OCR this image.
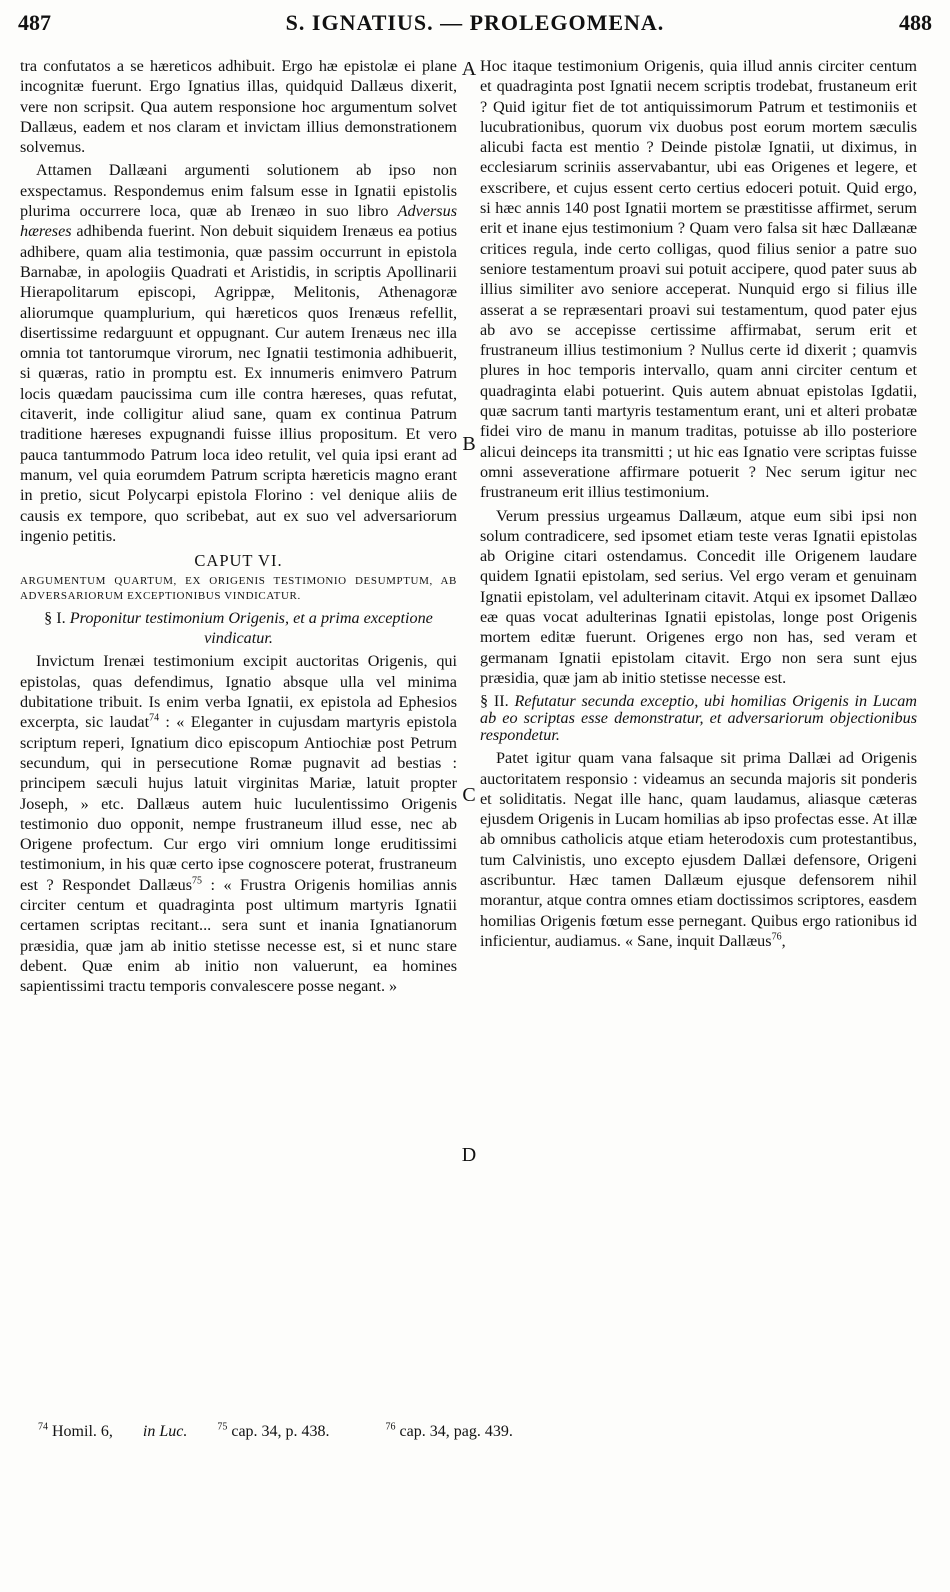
487	S. IGNATIUS. — PROLEGOMENA.	488
A
B
C
D

tra confutatos a se hæreticos adhibuit. Ergo hæ epistolæ ei plane incognitæ fuerunt. Ergo Ignatius illas, quidquid Dallæus dixerit, vere non scripsit. Qua autem responsione hoc argumentum solvet Dallæus, eadem et nos claram et invictam illius demonstrationem solvemus.

Attamen Dallæani argumenti solutionem ab ipso non exspectamus. Respondemus enim falsum esse in Ignatii epistolis plurima occurrere loca, quæ ab Irenæo in suo libro Adversus hæreses adhibenda fuerint. Non debuit siquidem Irenæus ea potius adhibere, quam alia testimonia, quæ passim occurrunt in epistola Barnabæ, in apologiis Quadrati et Aristidis, in scriptis Apollinarii Hierapolitarum episcopi, Agrippæ, Melitonis, Athenagoræ aliorumque quamplurium, qui hæreticos quos Irenæus refellit, disertissime redarguunt et oppugnant. Cur autem Irenæus nec illa omnia tot tantorumque virorum, nec Ignatii testimonia adhibuerit, si quæras, ratio in promptu est. Ex innumeris enimvero Patrum locis quædam paucissima cum ille contra hæreses, quas refutat, citaverit, inde colligitur aliud sane, quam ex continua Patrum traditione hæreses expugnandi fuisse illius propositum. Et vero pauca tantummodo Patrum loca ideo retulit, vel quia ipsi erant ad manum, vel quia eorumdem Patrum scripta hæreticis magno erant in pretio, sicut Polycarpi epistola Florino : vel denique aliis de causis ex tempore, quo scribebat, aut ex suo vel adversariorum ingenio petitis.

CAPUT VI.
ARGUMENTUM QUARTUM, EX ORIGENIS TESTIMONIO DESUMPTUM, AB ADVERSARIORUM EXCEPTIONIBUS VINDICATUR.
§ I. Proponitur testimonium Origenis, et a prima exceptione vindicatur.

Invictum Irenæi testimonium excipit auctoritas Origenis, qui epistolas, quas defendimus, Ignatio absque ulla vel minima dubitatione tribuit. Is enim verba Ignatii, ex epistola ad Ephesios excerpta, sic laudat$^{74}$ : « Eleganter in cujusdam martyris epistola scriptum reperi, Ignatium dico episcopum Antiochiæ post Petrum secundum, qui in persecutione Romæ pugnavit ad bestias : principem sæculi hujus latuit virginitas Mariæ, latuit propter Joseph, » etc. Dallæus autem huic luculentissimo Origenis testimonio duo opponit, nempe frustraneum illud esse, nec ab Origene profectum. Cur ergo viri omnium longe eruditissimi testimonium, in his quæ certo ipse cognoscere poterat, frustraneum est ? Respondet Dallæus$^{75}$ : « Frustra Origenis homilias annis circiter centum et quadraginta post ultimum martyris Ignatii certamen scriptas recitant... sera sunt et inania Ignatianorum præsidia, quæ jam ab initio stetisse necesse est, si et nunc stare debent. Quæ enim ab initio non valuerunt, ea homines sapientissimi tractu temporis convalescere posse negant. »

Hoc itaque testimonium Origenis, quia illud annis circiter centum et quadraginta post Ignatii necem scriptis trodebat, frustaneum erit ? Quid igitur fiet de tot antiquissimorum Patrum et testimoniis et lucubrationibus, quorum vix duobus post eorum mortem sæculis alicubi facta est mentio ? Deinde pistolæ Ignatii, ut diximus, in ecclesiarum scriniis asservabantur, ubi eas Origenes et legere, et exscribere, et cujus essent certo certius edoceri potuit. Quid ergo, si hæc annis 140 post Ignatii mortem se præstitisse affirmet, serum erit et inane ejus testimonium ? Quam vero falsa sit hæc Dallæanæ critices regula, inde certo colligas, quod filius senior a patre suo seniore testamentum proavi sui potuit accipere, quod pater suus ab illius similiter avo seniore acceperat. Nunquid ergo si filius ille asserat a se repræsentari proavi sui testamentum, quod pater ejus ab avo se accepisse certissime affirmabat, serum erit et frustraneum illius testimonium ? Nullus certe id dixerit ; quamvis plures in hoc temporis intervallo, quam anni circiter centum et quadraginta elabi potuerint. Quis autem abnuat epistolas Igdatii, quæ sacrum tanti martyris testamentum erant, uni et alteri probatæ fidei viro de manu in manum traditas, potuisse ab illo posteriore alicui deinceps ita transmitti ; ut hic eas Ignatio vere scriptas fuisse omni asseveratione affirmare potuerit ? Nec serum igitur nec frustraneum erit illius testimonium.

Verum pressius urgeamus Dallæum, atque eum sibi ipsi non solum contradicere, sed ipsomet etiam teste veras Ignatii epistolas ab Origine citari ostendamus. Concedit ille Origenem laudare quidem Ignatii epistolam, sed serius. Vel ergo veram et genuinam Ignatii epistolam, vel adulterinam citavit. Atqui ex ipsomet Dallæo eæ quas vocat adulterinas Ignatii epistolas, longe post Origenis mortem editæ fuerunt. Origenes ergo non has, sed veram et germanam Ignatii epistolam citavit. Ergo non sera sunt ejus præsidia, quæ jam ab initio stetisse necesse est.

§ II. Refutatur secunda exceptio, ubi homilias Origenis in Lucam ab eo scriptas esse demonstratur, et adversariorum objectionibus respondetur.

Patet igitur quam vana falsaque sit prima Dallæi ad Origenis auctoritatem responsio : videamus an secunda majoris sit ponderis et soliditatis. Negat ille hanc, quam laudamus, aliasque cæteras ejusdem Origenis in Lucam homilias ab ipso profectas esse. At illæ ab omnibus catholicis atque etiam heterodoxis cum protestantibus, tum Calvinistis, uno excepto ejusdem Dallæi defensore, Origeni ascribuntur. Hæc tamen Dallæum ejusque defensorem nihil morantur, atque contra omnes etiam doctissimos scriptores, easdem homilias Origenis fœtum esse pernegant. Quibus ergo rationibus id inficientur, audiamus. « Sane, inquit Dallæus$^{76}$,

$^{74}$ Homil. 6, in Luc.	$^{75}$ cap. 34, p. 438.	$^{76}$ cap. 34, pag. 439.
